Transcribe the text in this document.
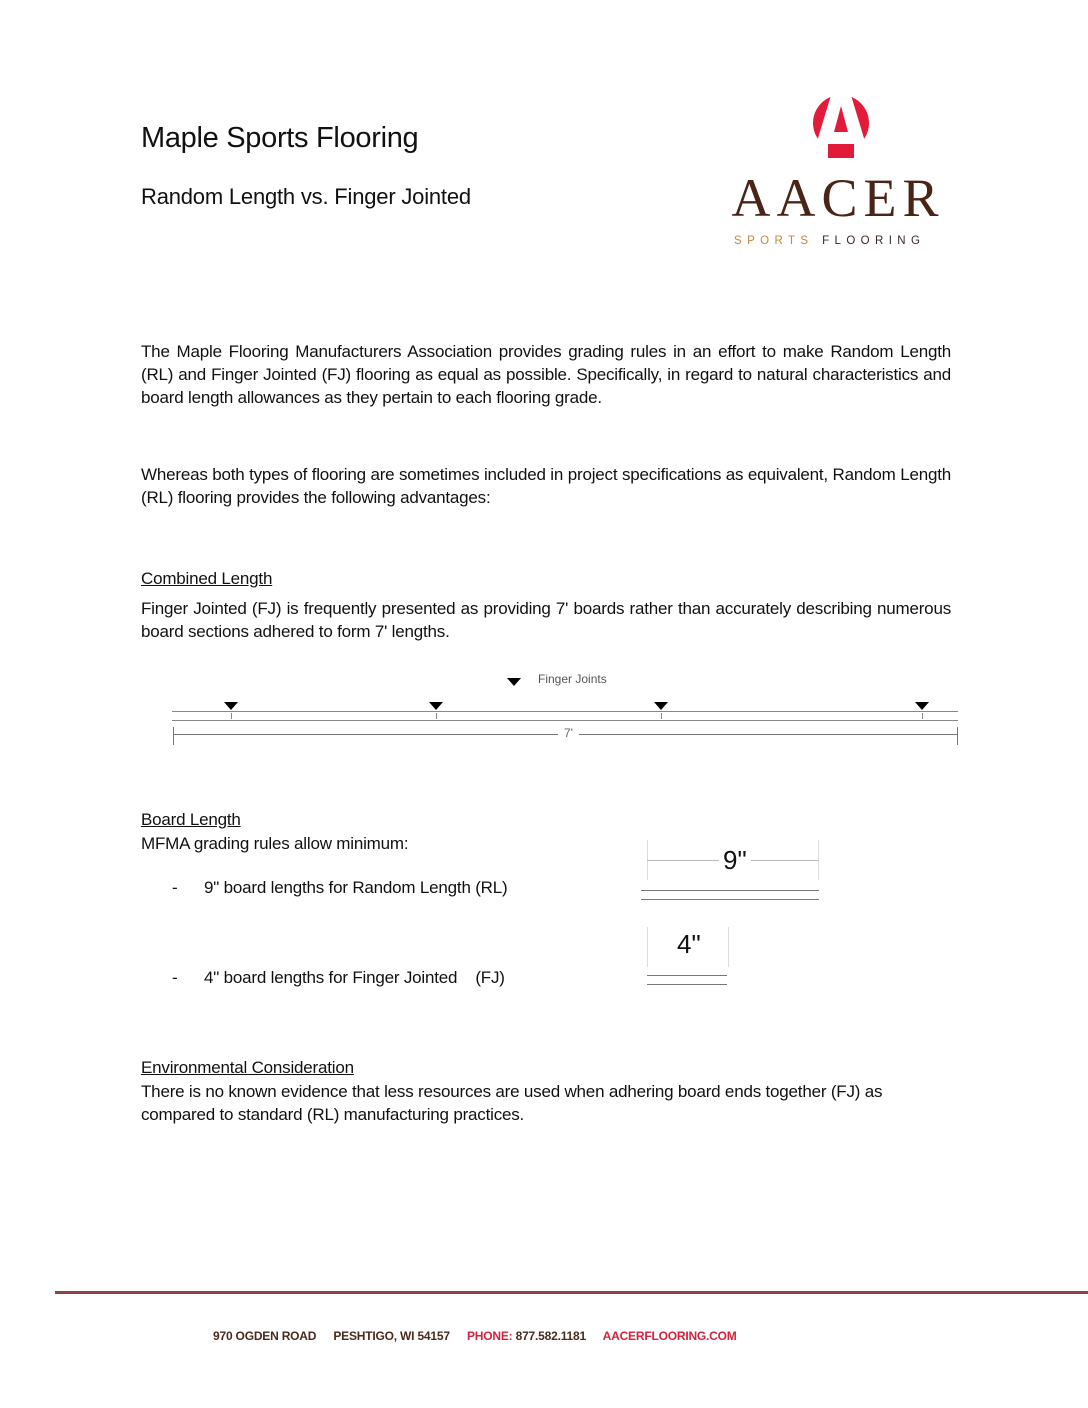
Maple Sports Flooring
Random Length vs. Finger Jointed	AACER
SPORTS FLOORING
The Maple Flooring Manufacturers Association provides grading rules in an effort to make Random Length (RL) and Finger Jointed (FJ) flooring as equal as possible. Specifically, in regard to natural characteristics and board length allowances as they pertain to each flooring grade.
Whereas both types of flooring are sometimes included in project specifications as equivalent, Random Length (RL) flooring provides the following advantages:
Combined Length
Finger Jointed (FJ) is frequently presented as providing 7' boards rather than accurately describing numerous board sections adhered to form 7' lengths.
Finger Joints
7'
Board Length
MFMA grading rules allow minimum:
- 9" board lengths for Random Length (RL)
- 4" board lengths for Finger Jointed    (FJ)
9"
4"
Environmental Consideration
There is no known evidence that less resources are used when adhering board ends together (FJ) as compared to standard (RL) manufacturing practices.
970 OGDEN ROAD PESHTIGO, WI 54157 PHONE: 877.582.1181 AACERFLOORING.COM
